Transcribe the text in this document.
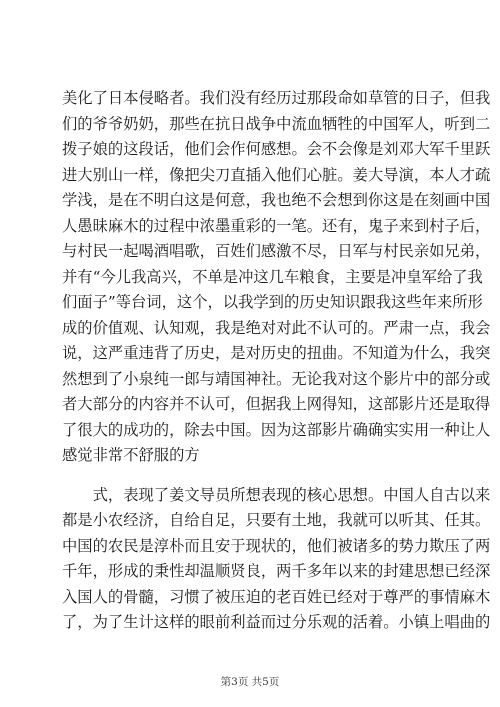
美化了日本侵略者。我们没有经历过那段命如草管的日子，但我
们的爷爷奶奶，那些在抗日战争中流血牺牲的中国军人，听到二
拨子娘的这段话，他们会作何感想。会不会像是刘邓大军千里跃
进大别山一样，像把尖刀直插入他们心脏。姜大导演，本人才疏
学浅，是在不明白这是何意，我也绝不会想到你这是在刻画中国
人愚昧麻木的过程中浓墨重彩的一笔。还有，鬼子来到村子后，
与村民一起喝酒唱歌，百姓们感激不尽，日军与村民亲如兄弟，
并有“今儿我高兴，不单是冲这几车粮食，主要是冲皇军给了我
们面子”等台词，这个，以我学到的历史知识跟我这些年来所形
成的价值观、认知观，我是绝对对此不认可的。严肃一点，我会
说，这严重违背了历史，是对历史的扭曲。不知道为什么，我突
然想到了小泉纯一郎与靖国神社。无论我对这个影片中的部分或
者大部分的内容并不认可，但据我上网得知，这部影片还是取得
了很大的成功的，除去中国。因为这部影片确确实实用一种让人
感觉非常不舒服的方

　　式，表现了姜文导员所想表现的核心思想。中国人自古以来
都是小农经济，自给自足，只要有土地，我就可以听其、任其。
中国的农民是淳朴而且安于现状的，他们被诸多的势力欺压了两
千年，形成的秉性却温顺贤良，两千多年以来的封建思想已经深
入国人的骨髓，习惯了被压迫的老百姓已经对于尊严的事情麻木
了，为了生计这样的眼前利益而过分乐观的活着。小镇上唱曲的

第3页 共5页
